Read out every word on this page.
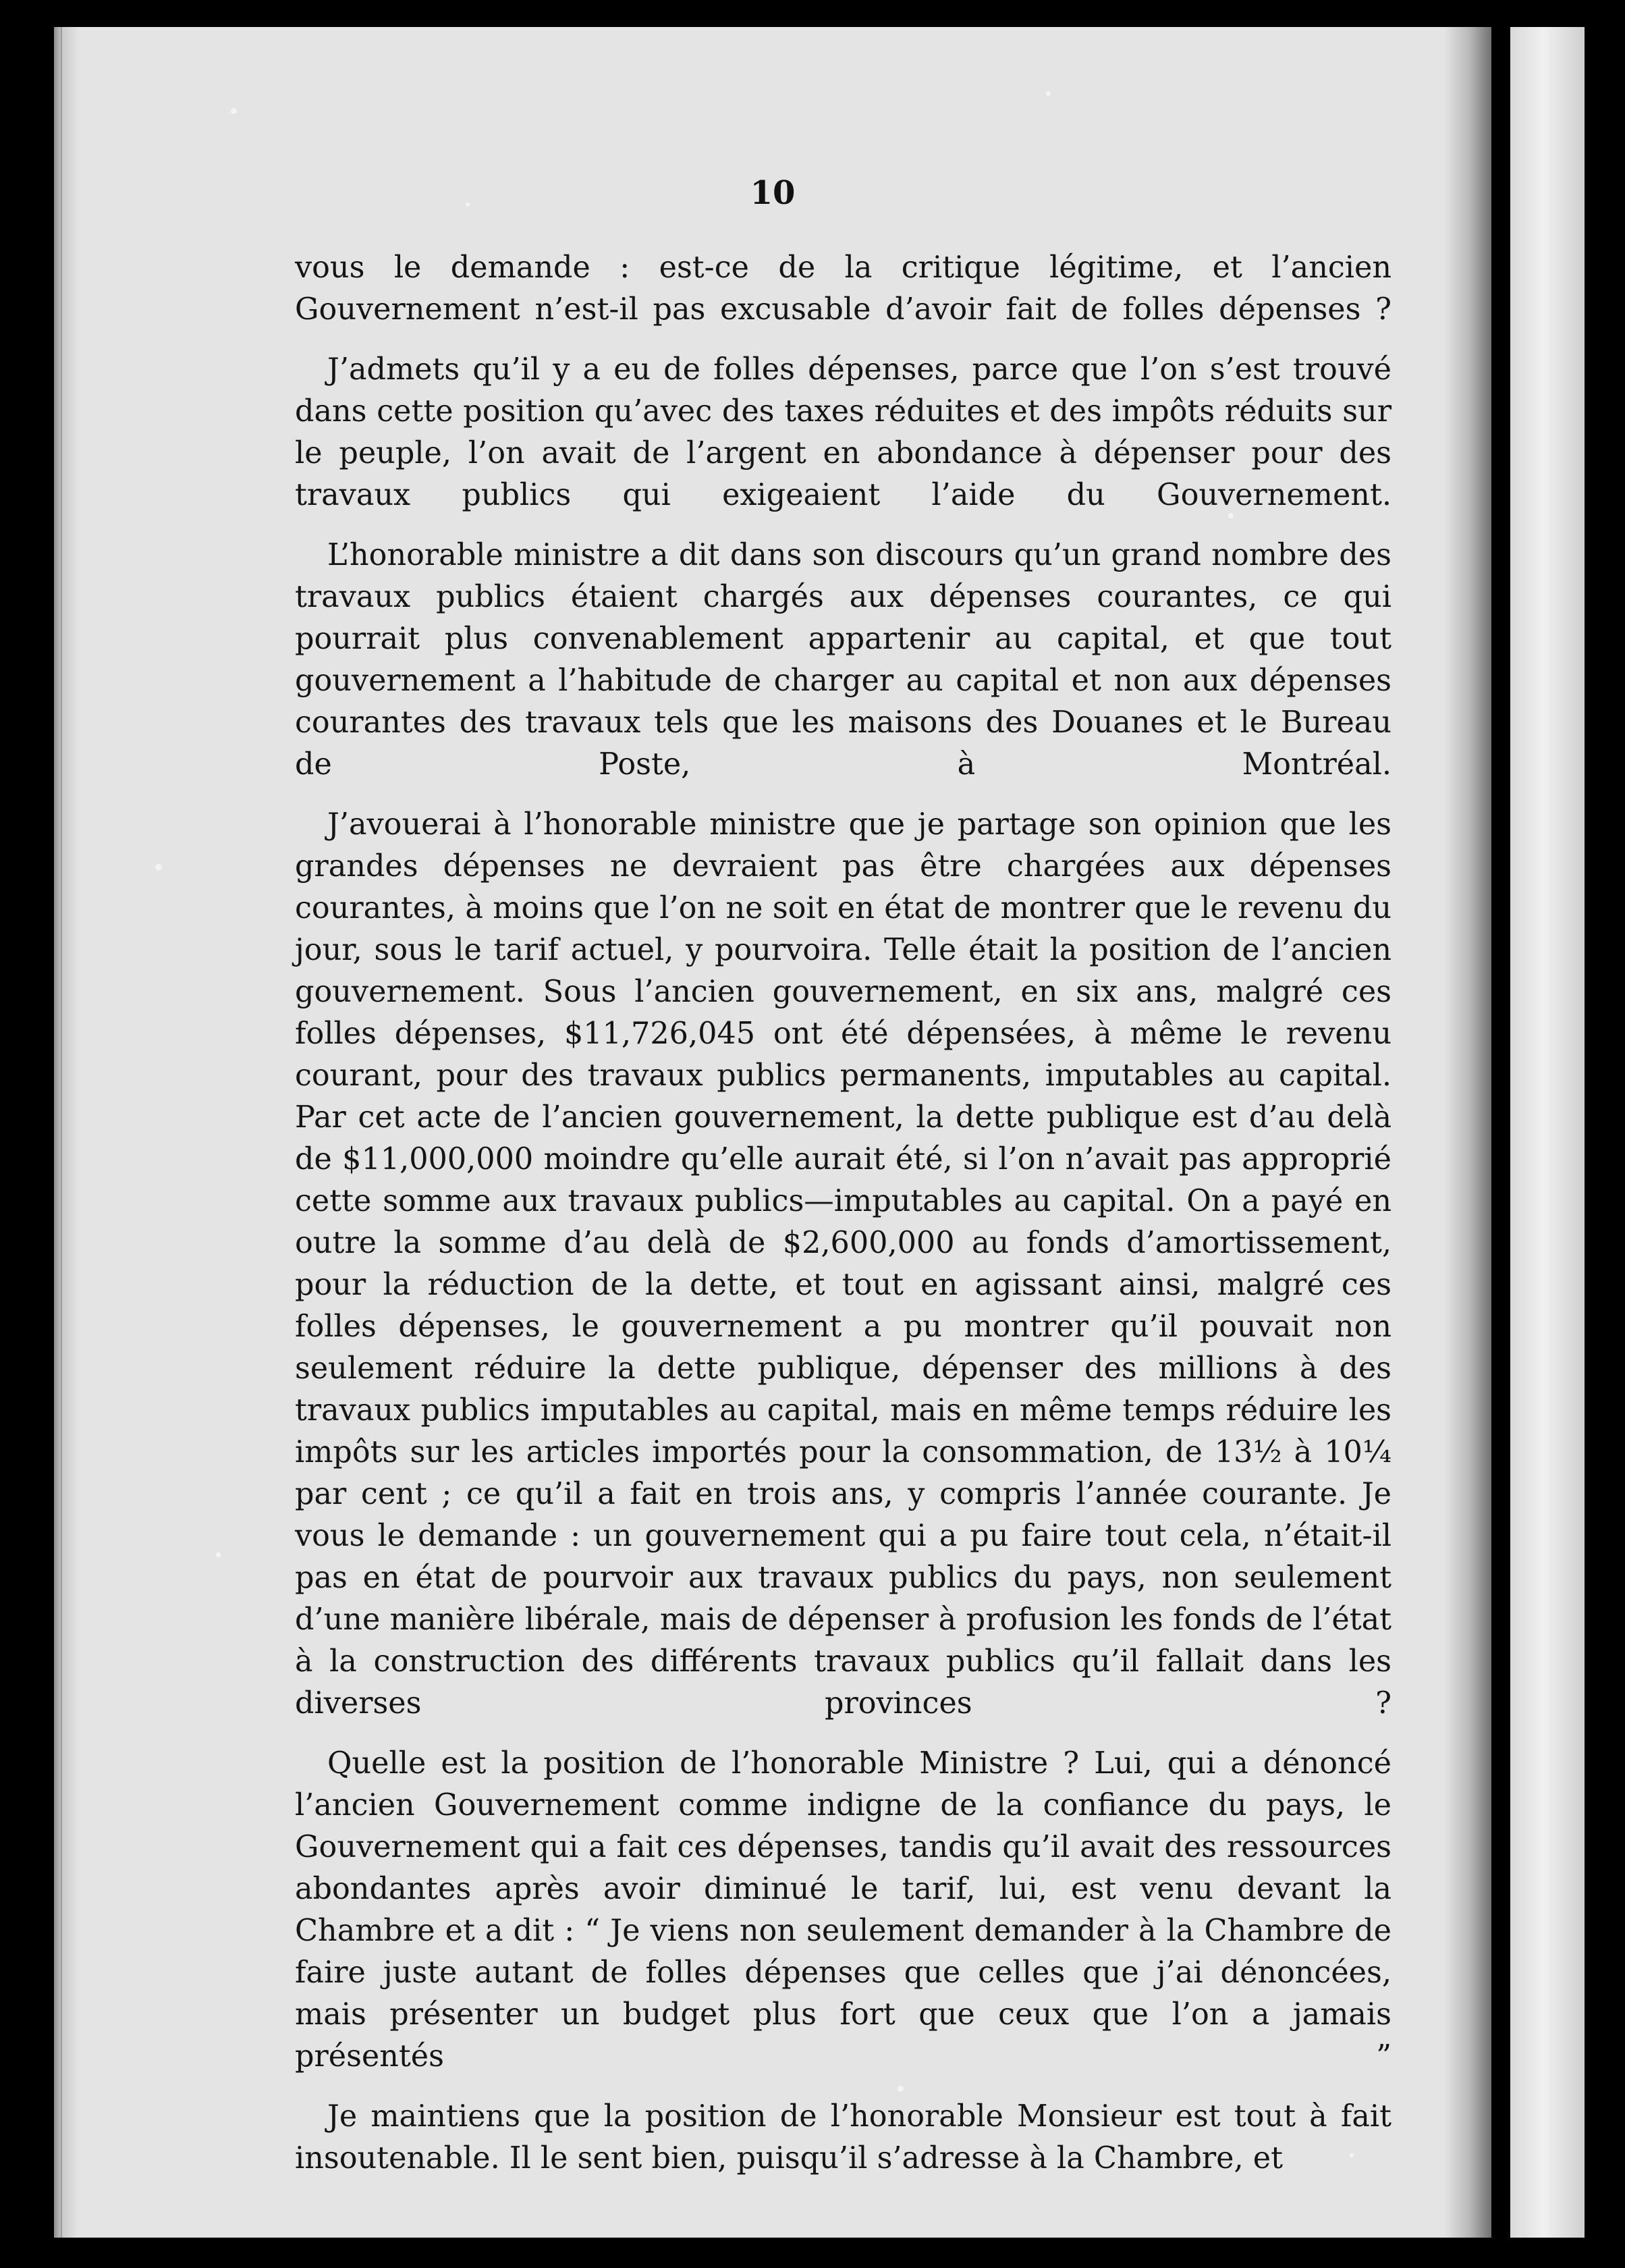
10

vous le demande : est-ce de la critique légitime, et l’ancien Gouvernement n’est-il pas excusable d’avoir fait de folles dépenses ?

J’admets qu’il y a eu de folles dépenses, parce que l’on s’est trouvé dans cette position qu’avec des taxes réduites et des impôts réduits sur le peuple, l’on avait de l’argent en abondance à dépenser pour des travaux publics qui exigeaient l’aide du Gouvernement.

L’honorable ministre a dit dans son discours qu’un grand nombre des travaux publics étaient chargés aux dépenses courantes, ce qui pourrait plus convenablement appartenir au capital, et que tout gouvernement a l’habitude de charger au capital et non aux dépenses courantes des travaux tels que les maisons des Douanes et le Bureau de Poste, à Montréal.

J’avouerai à l’honorable ministre que je partage son opinion que les grandes dépenses ne devraient pas être chargées aux dépenses courantes, à moins que l’on ne soit en état de montrer que le revenu du jour, sous le tarif actuel, y pourvoira. Telle était la position de l’ancien gouvernement. Sous l’ancien gouvernement, en six ans, malgré ces folles dépenses, $11,726,045 ont été dépensées, à même le revenu courant, pour des travaux publics permanents, imputables au capital. Par cet acte de l’ancien gouvernement, la dette publique est d’au delà de $11,000,000 moindre qu’elle aurait été, si l’on n’avait pas approprié cette somme aux travaux publics—imputables au capital. On a payé en outre la somme d’au delà de $2,600,000 au fonds d’amortissement, pour la réduction de la dette, et tout en agissant ainsi, malgré ces folles dépenses, le gouvernement a pu montrer qu’il pouvait non seulement réduire la dette publique, dépenser des millions à des travaux publics imputables au capital, mais en même temps réduire les impôts sur les articles importés pour la consommation, de 13½ à 10¼ par cent ; ce qu’il a fait en trois ans, y compris l’année courante. Je vous le demande : un gouvernement qui a pu faire tout cela, n’était-il pas en état de pourvoir aux travaux publics du pays, non seulement d’une manière libérale, mais de dépenser à profusion les fonds de l’état à la construction des différents travaux publics qu’il fallait dans les diverses provinces ?

Quelle est la position de l’honorable Ministre ? Lui, qui a dénoncé l’ancien Gouvernement comme indigne de la confiance du pays, le Gouvernement qui a fait ces dépenses, tandis qu’il avait des ressources abondantes après avoir diminué le tarif, lui, est venu devant la Chambre et a dit : “ Je viens non seulement demander à la Chambre de faire juste autant de folles dépenses que celles que j’ai dénoncées, mais présenter un budget plus fort que ceux que l’on a jamais présentés ”

Je maintiens que la position de l’honorable Monsieur est tout à fait insoutenable. Il le sent bien, puisqu’il s’adresse à la Chambre, et
